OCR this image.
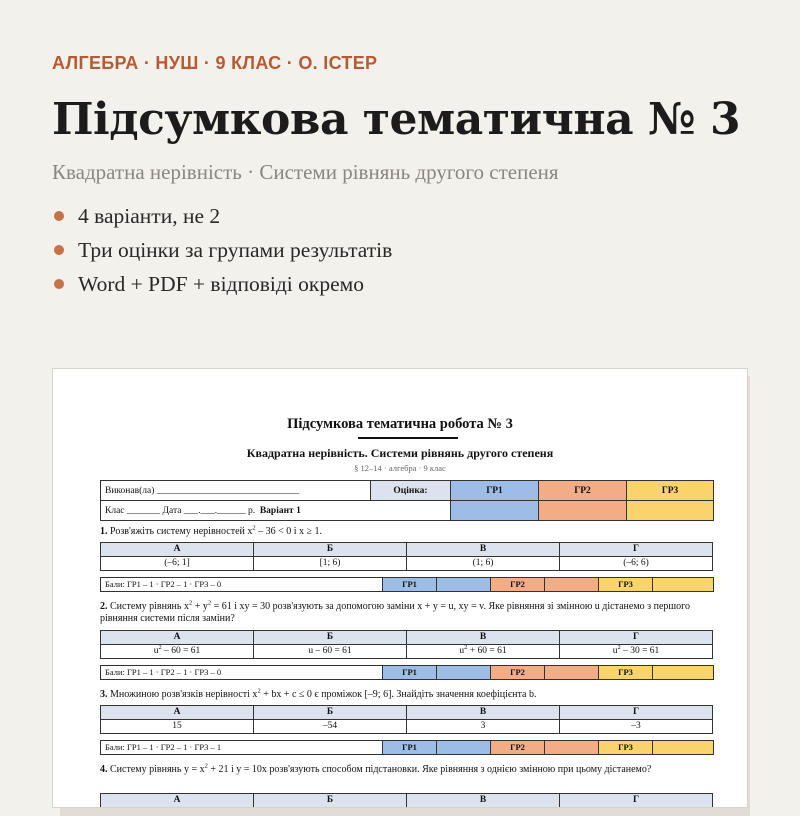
АЛГЕБРА · НУШ · 9 КЛАС · О. ІСТЕР
Підсумкова тематична № 3
Квадратна нерівність · Системи рівнянь другого степеня
4 варіанти, не 2
Три оцінки за групами результатів
Word + PDF + відповіді окремо
Підсумкова тематична робота № 3
Квадратна нерівність. Системи рівнянь другого степеня
§ 12–14 · алгебра · 9 клас
Виконав(ла) ______________________________	Оцінка:	ГР1	ГР2	ГР3
Клас _______ Дата ___.___.______ р. Варіант 1				
1. Розв'яжіть систему нерівностей $x^2 - 36 < 0$ і x ≥ 1.
А	Б	В	Г
(–6; 1]	[1; 6)	(1; 6)	(–6; 6)
Бали: ГР1 – 1 · ГР2 – 1 · ГР3 – 0	ГР1		ГР2		ГР3	
2. Систему рівнянь $x^2 + y^2 = 61$ і xy = 30 розв'язують за допомогою заміни x + y = u, xy = v. Яке рівняння зі змінною u дістанемо з першого рівняння системи після заміни?
А	Б	В	Г
$u^2 - 60 = 61$	u – 60 = 61	$u^2 + 60 = 61$	$u^2 - 30 = 61$
Бали: ГР1 – 1 · ГР2 – 1 · ГР3 – 0	ГР1		ГР2		ГР3	
3. Множиною розв'язків нерівності $x^2$ + bx + c ≤ 0 є проміжок [–9; 6]. Знайдіть значення коефіцієнта b.
А	Б	В	Г
15	–54	3	–3
Бали: ГР1 – 1 · ГР2 – 1 · ГР3 – 1	ГР1		ГР2		ГР3	
4. Систему рівнянь $y = x^2 + 21$ і y = 10x розв'язують способом підстановки. Яке рівняння з однією змінною при цьому дістанемо?
А	Б	В	Г
